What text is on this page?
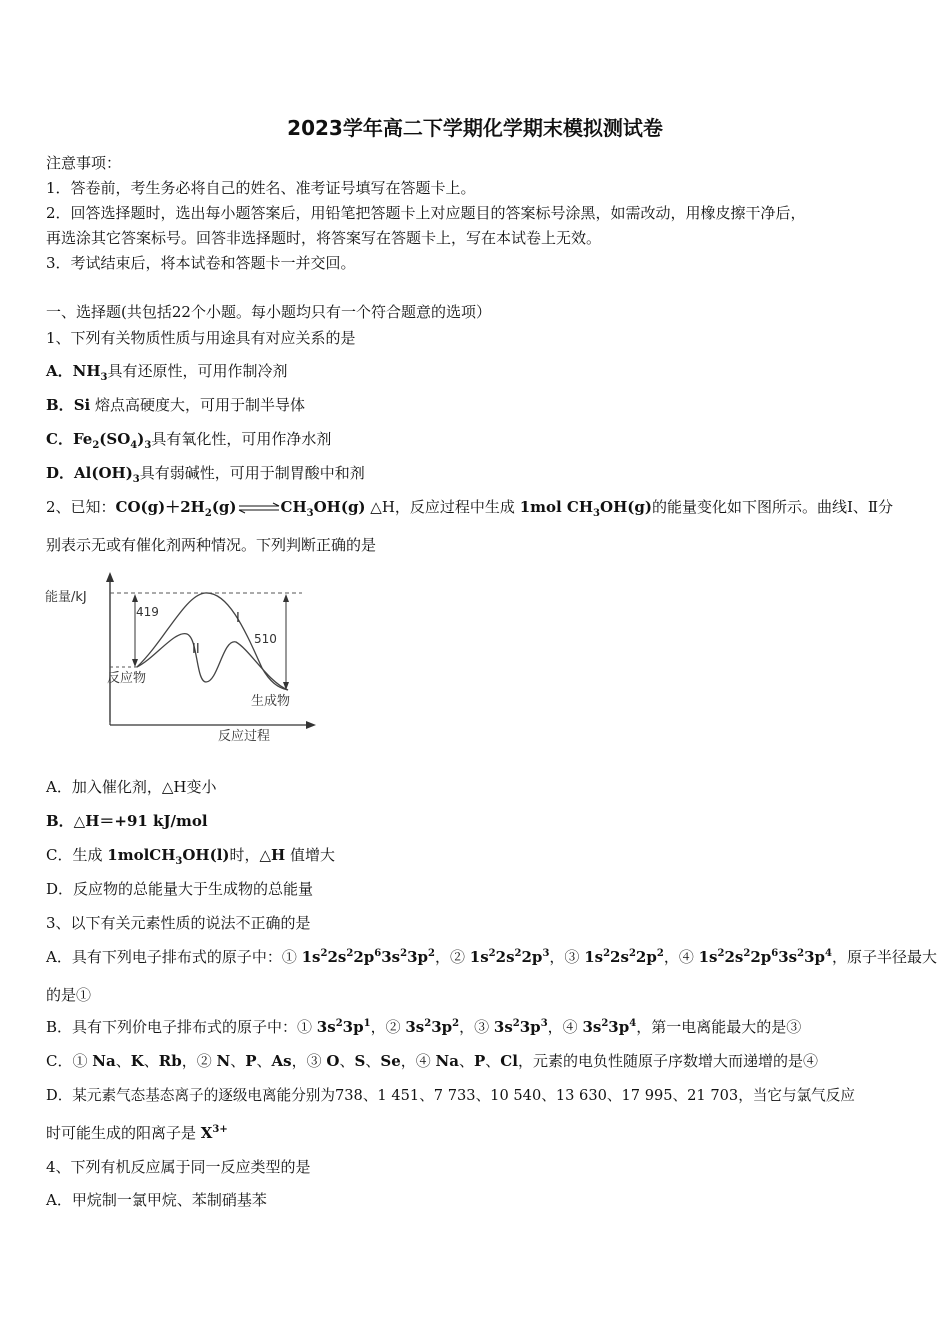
2023学年高二下学期化学期末模拟测试卷
注意事项：
1．答卷前，考生务必将自己的姓名、准考证号填写在答题卡上。
2．回答选择题时，选出每小题答案后，用铅笔把答题卡上对应题目的答案标号涂黑，如需改动，用橡皮擦干净后，
再选涂其它答案标号。回答非选择题时，将答案写在答题卡上，写在本试卷上无效。
3．考试结束后，将本试卷和答题卡一并交回。
一、选择题(共包括22个小题。每小题均只有一个符合题意的选项）
1、下列有关物质性质与用途具有对应关系的是
A．$NH_3$具有还原性，可用作制冷剂
B．Si 熔点高硬度大，可用于制半导体
C．$Fe_2(SO_4)_3$具有氧化性，可用作净水剂
D．$Al(OH)_3$具有弱碱性，可用于制胃酸中和剂
2、已知：$CO(g)+2H_2(g)\rightleftharpoons CH_3OH(g)$ △H，反应过程中生成 1mol $CH_3OH(g)$的能量变化如下图所示。曲线Ⅰ、Ⅱ分
别表示无或有催化剂两种情况。下列判断正确的是
能量/kJ
反应过程
419
510
I
II
反应物
生成物
A．加入催化剂，△H变小
B．△H＝+91 kJ/mol
C．生成 1molCH$_3$OH(l)时，△H 值增大
D．反应物的总能量大于生成物的总能量
3、以下有关元素性质的说法不正确的是
A．具有下列电子排布式的原子中：① $1s^22s^22p^63s^23p^2$，② $1s^22s^22p^3$，③ $1s^22s^22p^2$，④ $1s^22s^22p^63s^23p^4$，原子半径最大
的是①
B．具有下列价电子排布式的原子中：① $3s^23p^1$，② $3s^23p^2$，③ $3s^23p^3$，④ $3s^23p^4$，第一电离能最大的是③
C．① Na、K、Rb，② N、P、As，③ O、S、Se，④ Na、P、Cl，元素的电负性随原子序数增大而递增的是④
D．某元素气态基态离子的逐级电离能分别为738、1 451、7 733、10 540、13 630、17 995、21 703，当它与氯气反应
时可能生成的阳离子是 $X^{3+}$
4、下列有机反应属于同一反应类型的是
A．甲烷制一氯甲烷、苯制硝基苯
